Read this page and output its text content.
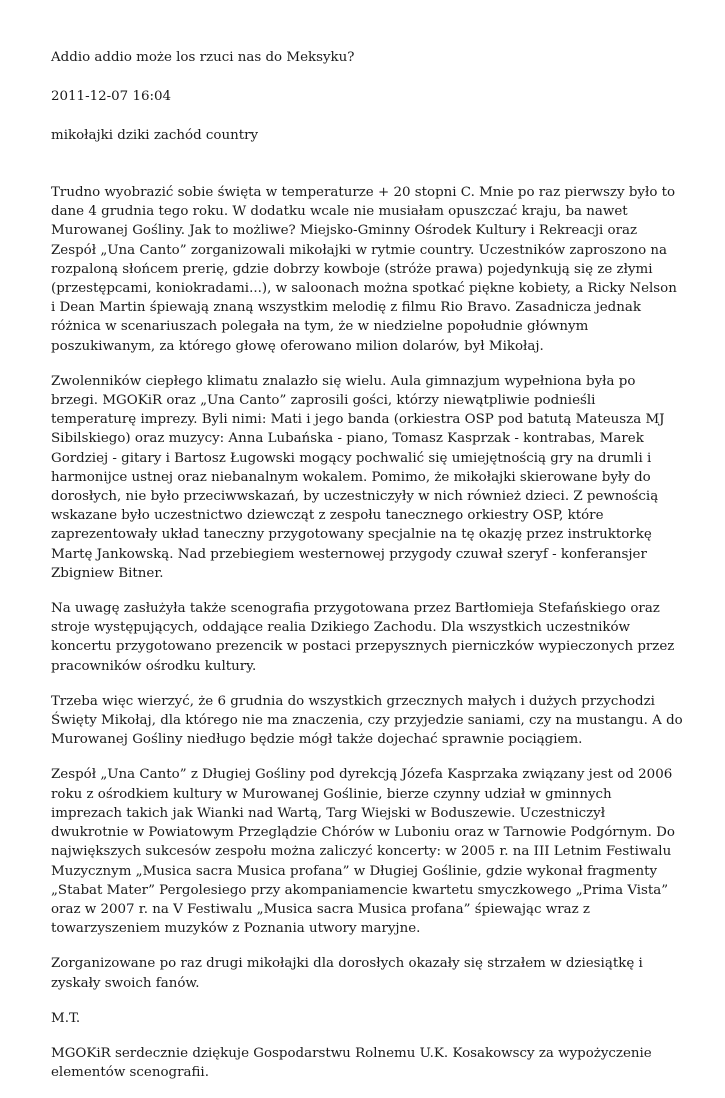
Addio addio może los rzuci nas do Meksyku?

2011-12-07 16:04

mikołajki dziki zachód country

Trudno wyobrazić sobie święta w temperaturze + 20 stopni C. Mnie po raz pierwszy było to dane 4 grudnia tego roku. W dodatku wcale nie musiałam opuszczać kraju, ba nawet Murowanej Gośliny. Jak to możliwe? Miejsko-Gminny Ośrodek Kultury i Rekreacji oraz Zespół „Una Canto” zorganizowali mikołajki w rytmie country. Uczestników zaproszono na rozpaloną słońcem prerię, gdzie dobrzy kowboje (stróże prawa) pojedynkują się ze złymi (przestępcami, koniokradami...), w saloonach można spotkać piękne kobiety, a Ricky Nelson i Dean Martin śpiewają znaną wszystkim melodię z filmu Rio Bravo. Zasadnicza jednak różnica w scenariuszach polegała na tym, że w niedzielne popołudnie głównym poszukiwanym, za którego głowę oferowano milion dolarów, był Mikołaj.

Zwolenników ciepłego klimatu znalazło się wielu. Aula gimnazjum wypełniona była po brzegi. MGOKiR oraz „Una Canto” zaprosili gości, którzy niewątpliwie podnieśli temperaturę imprezy. Byli nimi: Mati i jego banda (orkiestra OSP pod batutą Mateusza MJ Sibilskiego) oraz muzycy: Anna Lubańska - piano, Tomasz Kasprzak - kontrabas, Marek Gordziej - gitary i Bartosz Ługowski mogący pochwalić się umiejętnością gry na drumli i harmonijce ustnej oraz niebanalnym wokalem. Pomimo, że mikołajki skierowane były do dorosłych, nie było przeciwwskazań, by uczestniczyły w nich również dzieci. Z pewnością wskazane było uczestnictwo dziewcząt z zespołu tanecznego orkiestry OSP, które zaprezentowały układ taneczny przygotowany specjalnie na tę okazję przez instruktorkę Martę Jankowską. Nad przebiegiem westernowej przygody czuwał szeryf - konferansjer Zbigniew Bitner.

Na uwagę zasłużyła także scenografia przygotowana przez Bartłomieja Stefańskiego oraz stroje występujących, oddające realia Dzikiego Zachodu. Dla wszystkich uczestników koncertu przygotowano prezencik w postaci przepysznych pierniczków wypieczonych przez pracowników ośrodku kultury.

Trzeba więc wierzyć, że 6 grudnia do wszystkich grzecznych małych i dużych przychodzi Święty Mikołaj, dla którego nie ma znaczenia, czy przyjedzie saniami, czy na mustangu. A do Murowanej Gośliny niedługo będzie mógł także dojechać sprawnie pociągiem.

Zespół „Una Canto” z Długiej Gośliny pod dyrekcją Józefa Kasprzaka związany jest od 2006 roku z ośrodkiem kultury w Murowanej Goślinie, bierze czynny udział w gminnych imprezach takich jak Wianki nad Wartą, Targ Wiejski w Boduszewie. Uczestniczył dwukrotnie w Powiatowym Przeglądzie Chórów w Luboniu oraz w Tarnowie Podgórnym. Do największych sukcesów zespołu można zaliczyć koncerty: w 2005 r. na III Letnim Festiwalu Muzycznym „Musica sacra Musica profana” w Długiej Goślinie, gdzie wykonał fragmenty „Stabat Mater” Pergolesiego przy akompaniamencie kwartetu smyczkowego „Prima Vista” oraz w 2007 r. na V Festiwalu „Musica sacra Musica profana” śpiewając wraz z towarzyszeniem muzyków z Poznania utwory maryjne.

Zorganizowane po raz drugi mikołajki dla dorosłych okazały się strzałem w dziesiątkę i zyskały swoich fanów.

M.T.

MGOKiR serdecznie dziękuje Gospodarstwu Rolnemu U.K. Kosakowscy za wypożyczenie elementów scenografii.
